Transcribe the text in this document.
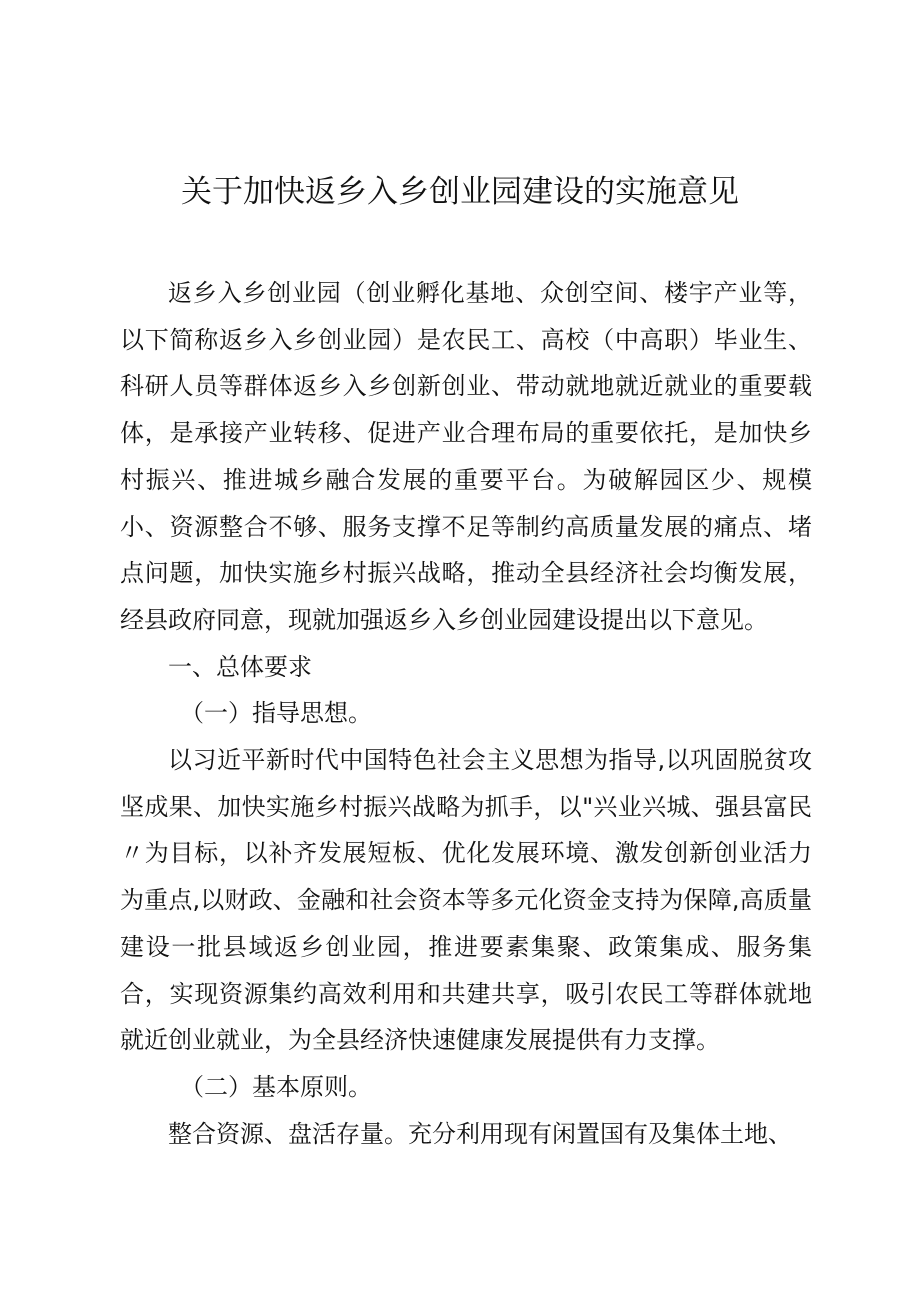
关于加快返乡入乡创业园建设的实施意见

返乡入乡创业园（创业孵化基地、众创空间、楼宇产业等，以下简称返乡入乡创业园）是农民工、高校（中高职）毕业生、科研人员等群体返乡入乡创新创业、带动就地就近就业的重要载体，是承接产业转移、促进产业合理布局的重要依托，是加快乡村振兴、推进城乡融合发展的重要平台。为破解园区少、规模小、资源整合不够、服务支撑不足等制约高质量发展的痛点、堵点问题，加快实施乡村振兴战略，推动全县经济社会均衡发展，经县政府同意，现就加强返乡入乡创业园建设提出以下意见。

一、总体要求

（一）指导思想。

以习近平新时代中国特色社会主义思想为指导,以巩固脱贫攻坚成果、加快实施乡村振兴战略为抓手，以"兴业兴城、强县富民〃为目标，以补齐发展短板、优化发展环境、激发创新创业活力为重点,以财政、金融和社会资本等多元化资金支持为保障,高质量建设一批县域返乡创业园，推进要素集聚、政策集成、服务集合，实现资源集约高效利用和共建共享，吸引农民工等群体就地就近创业就业，为全县经济快速健康发展提供有力支撑。

（二）基本原则。

整合资源、盘活存量。充分利用现有闲置国有及集体土地、
